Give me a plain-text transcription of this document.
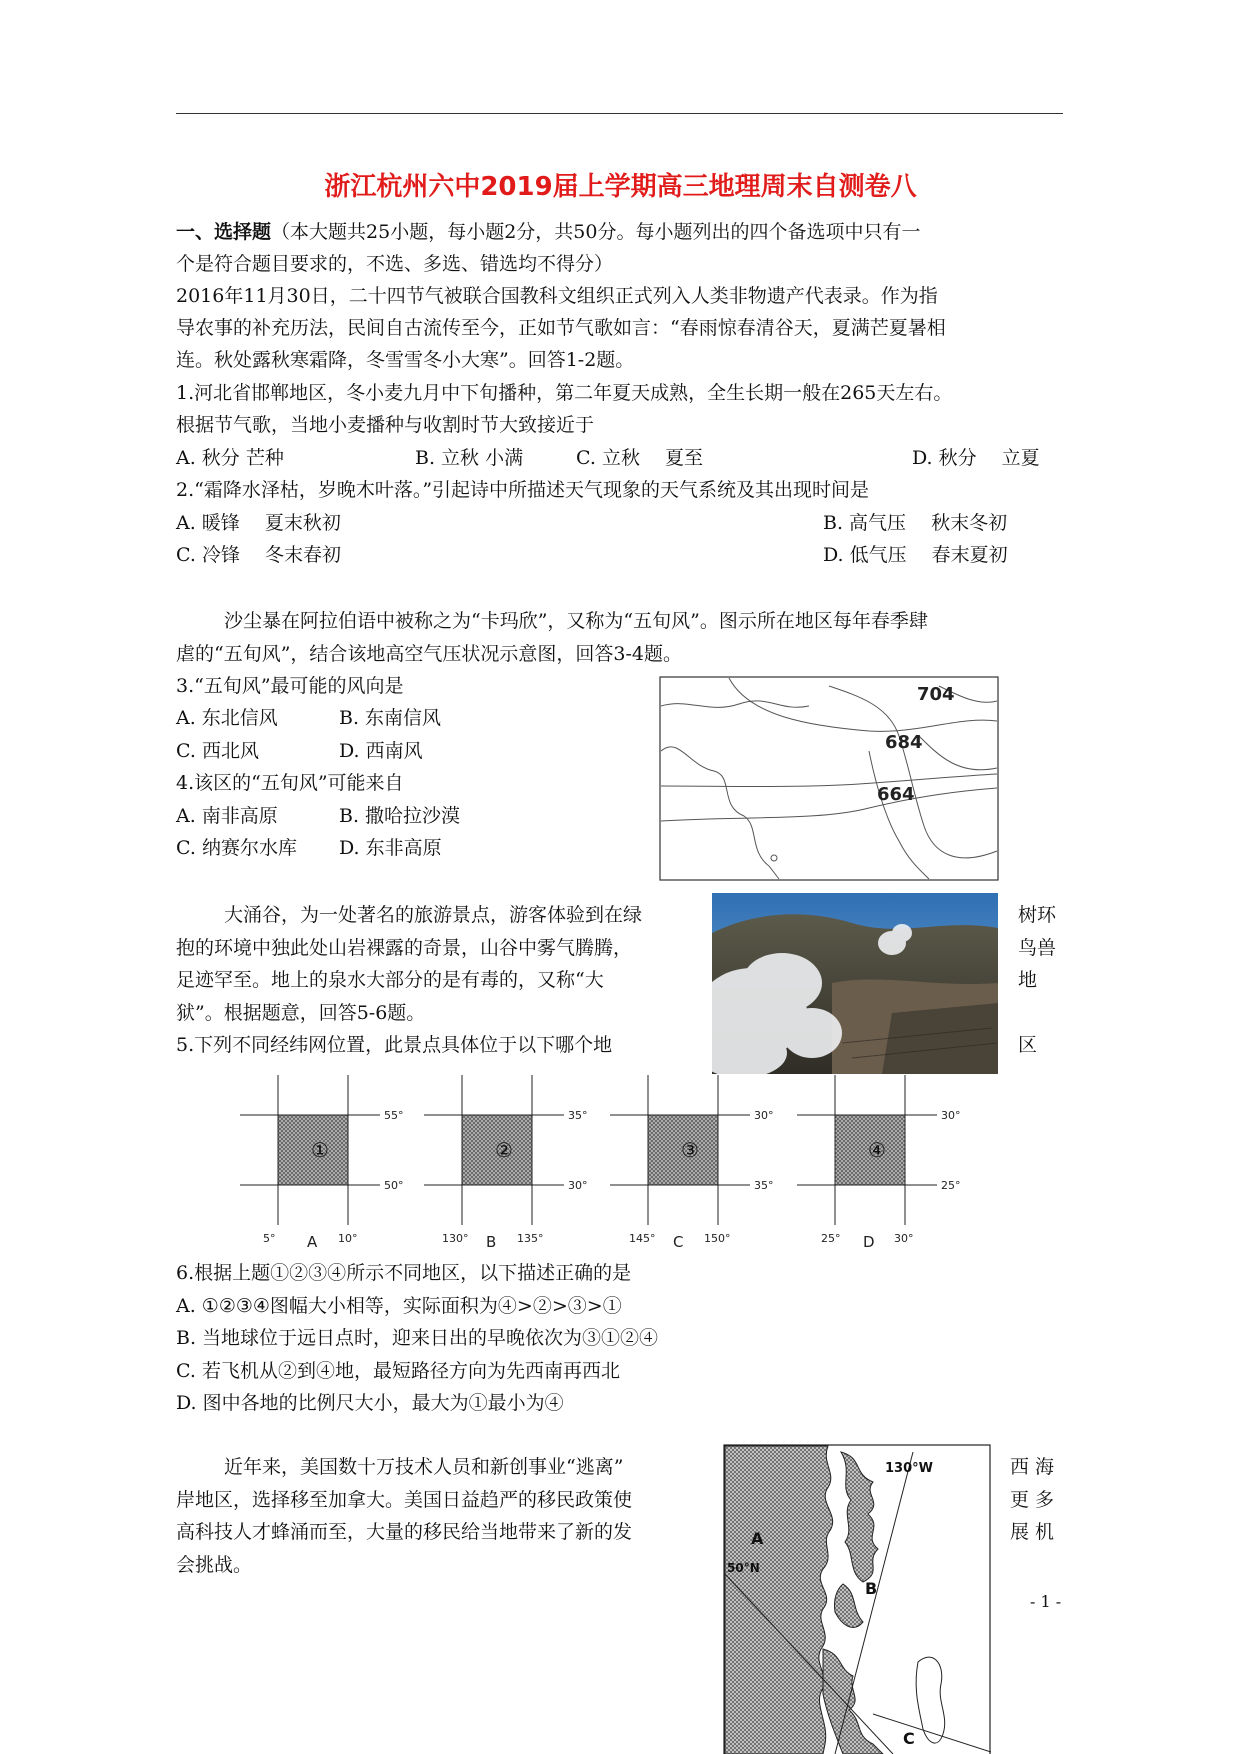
浙江杭州六中2019届上学期高三地理周末自测卷八
一、选择题（本大题共25小题，每小题2分，共50分。每小题列出的四个备选项中只有一
个是符合题目要求的，不选、多选、错选均不得分）
2016年11月30日，二十四节气被联合国教科文组织正式列入人类非物遗产代表录。作为指
导农事的补充历法，民间自古流传至今，正如节气歌如言：“春雨惊春清谷天，夏满芒夏暑相
连。秋处露秋寒霜降，冬雪雪冬小大寒”。回答1-2题。
1.河北省邯郸地区，冬小麦九月中下旬播种，第二年夏天成熟，全生长期一般在265天左右。
根据节气歌，当地小麦播种与收割时节大致接近于
A. 秋分 芒种	B. 立秋 小满	C. 立秋　 夏至	D. 秋分　 立夏
2.“霜降水泽枯，岁晚木叶落。”引起诗中所描述天气现象的天气系统及其出现时间是
A. 暖锋　 夏末秋初	B. 高气压　 秋末冬初
C. 冷锋　 冬末春初	D. 低气压　 春末夏初
沙尘暴在阿拉伯语中被称之为“卡玛欣”，又称为“五旬风”。图示所在地区每年春季肆
虐的“五旬风”，结合该地高空气压状况示意图，回答3-4题。
3.“五旬风”最可能的风向是
A. 东北信风	B. 东南信风
C. 西北风	D. 西南风
4.该区的“五旬风”可能来自
A. 南非高原	B. 撒哈拉沙漠
C. 纳赛尔水库 D. 东非高原
704
684
664
大涌谷，为一处著名的旅游景点，游客体验到在绿	树环
抱的环境中独此处山岩裸露的奇景，山谷中雾气腾腾，	鸟兽
足迹罕至。地上的泉水大部分的是有毒的，又称“大	地
狱”。根据题意，回答5-6题。
5.下列不同经纬网位置，此景点具体位于以下哪个地	区
①
55°
50°
5°	10°
A
②
35°
30°
130°	135°
B
③
30°
35°
145°	150°
C
④
30°
25°
25°	30°
D
6.根据上题①②③④所示不同地区，以下描述正确的是
A. ①②③④图幅大小相等，实际面积为④>②>③>①
B. 当地球位于远日点时，迎来日出的早晚依次为③①②④
C. 若飞机从②到④地，最短路径方向为先西南再西北
D. 图中各地的比例尺大小，最大为①最小为④
近年来，美国数十万技术人员和新创事业“逃离”	西 海
岸地区，选择移至加拿大。美国日益趋严的移民政策使	更 多
高科技人才蜂涌而至，大量的移民给当地带来了新的发	展 机
会挑战。
130°W
50°N
A
B
C
- 1 -
